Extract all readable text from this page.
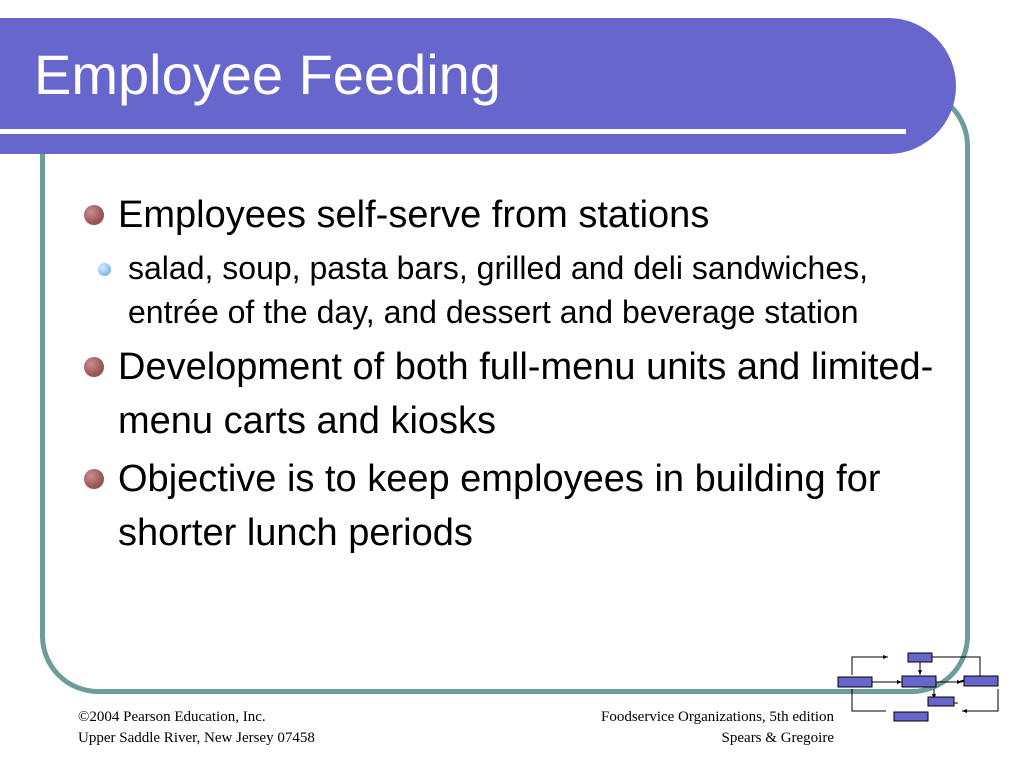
Employee Feeding
Employees self-serve from stations
salad, soup, pasta bars, grilled and deli sandwiches, entrée of the day, and dessert and beverage station
Development of both full-menu units and limited-menu carts and kiosks
Objective is to keep employees in building for shorter lunch periods
©2004 Pearson Education, Inc.
Upper Saddle River, New Jersey 07458
Foodservice Organizations, 5th edition
Spears & Gregoire
